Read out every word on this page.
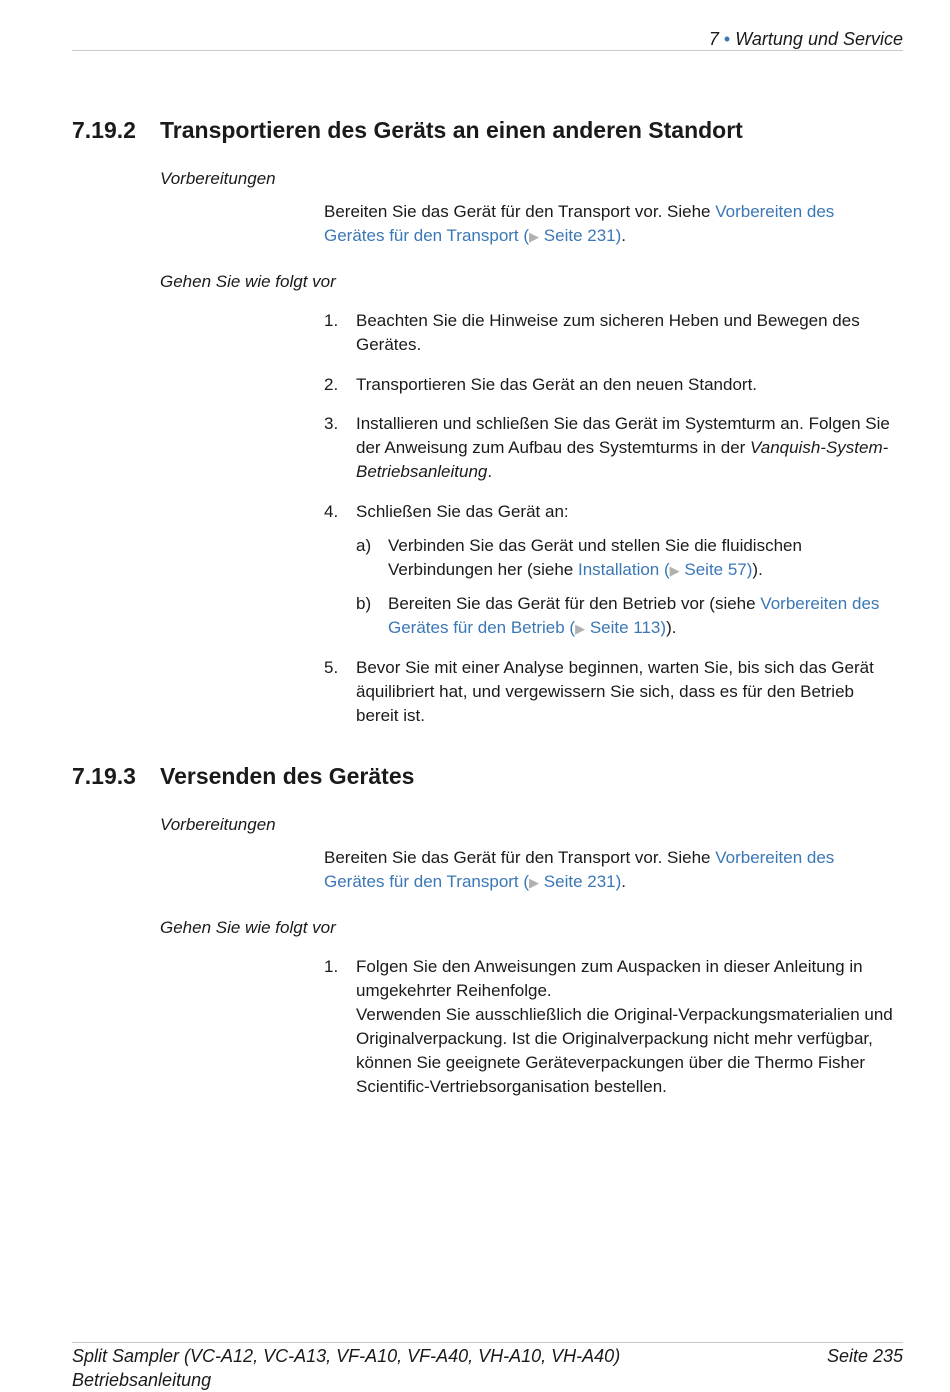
7 • Wartung und Service
7.19.2 Transportieren des Geräts an einen anderen Standort
Vorbereitungen

Bereiten Sie das Gerät für den Transport vor. Siehe Vorbereiten des Gerätes für den Transport (▶ Seite 231).

Gehen Sie wie folgt vor
1. Beachten Sie die Hinweise zum sicheren Heben und Bewegen des Gerätes.
2. Transportieren Sie das Gerät an den neuen Standort.
3. Installieren und schließen Sie das Gerät im Systemturm an. Folgen Sie der Anweisung zum Aufbau des Systemturms in der Vanquish-System-Betriebsanleitung.
4. Schließen Sie das Gerät an:
a) Verbinden Sie das Gerät und stellen Sie die fluidischen Verbindungen her (siehe Installation (▶ Seite 57)).
b) Bereiten Sie das Gerät für den Betrieb vor (siehe Vorbereiten des Gerätes für den Betrieb (▶ Seite 113)).
5. Bevor Sie mit einer Analyse beginnen, warten Sie, bis sich das Gerät äquilibriert hat, und vergewissern Sie sich, dass es für den Betrieb bereit ist.
7.19.3 Versenden des Gerätes
Vorbereitungen

Bereiten Sie das Gerät für den Transport vor. Siehe Vorbereiten des Gerätes für den Transport (▶ Seite 231).

Gehen Sie wie folgt vor
1. Folgen Sie den Anweisungen zum Auspacken in dieser Anleitung in umgekehrter Reihenfolge.
Verwenden Sie ausschließlich die Original-Verpackungsmaterialien und Originalverpackung. Ist die Originalverpackung nicht mehr verfügbar, können Sie geeignete Geräteverpackungen über die Thermo Fisher Scientific-Vertriebsorganisation bestellen.
Split Sampler (VC-A12, VC-A13, VF-A10, VF-A40, VH-A10, VH-A40)
Betriebsanleitung
Seite 235
